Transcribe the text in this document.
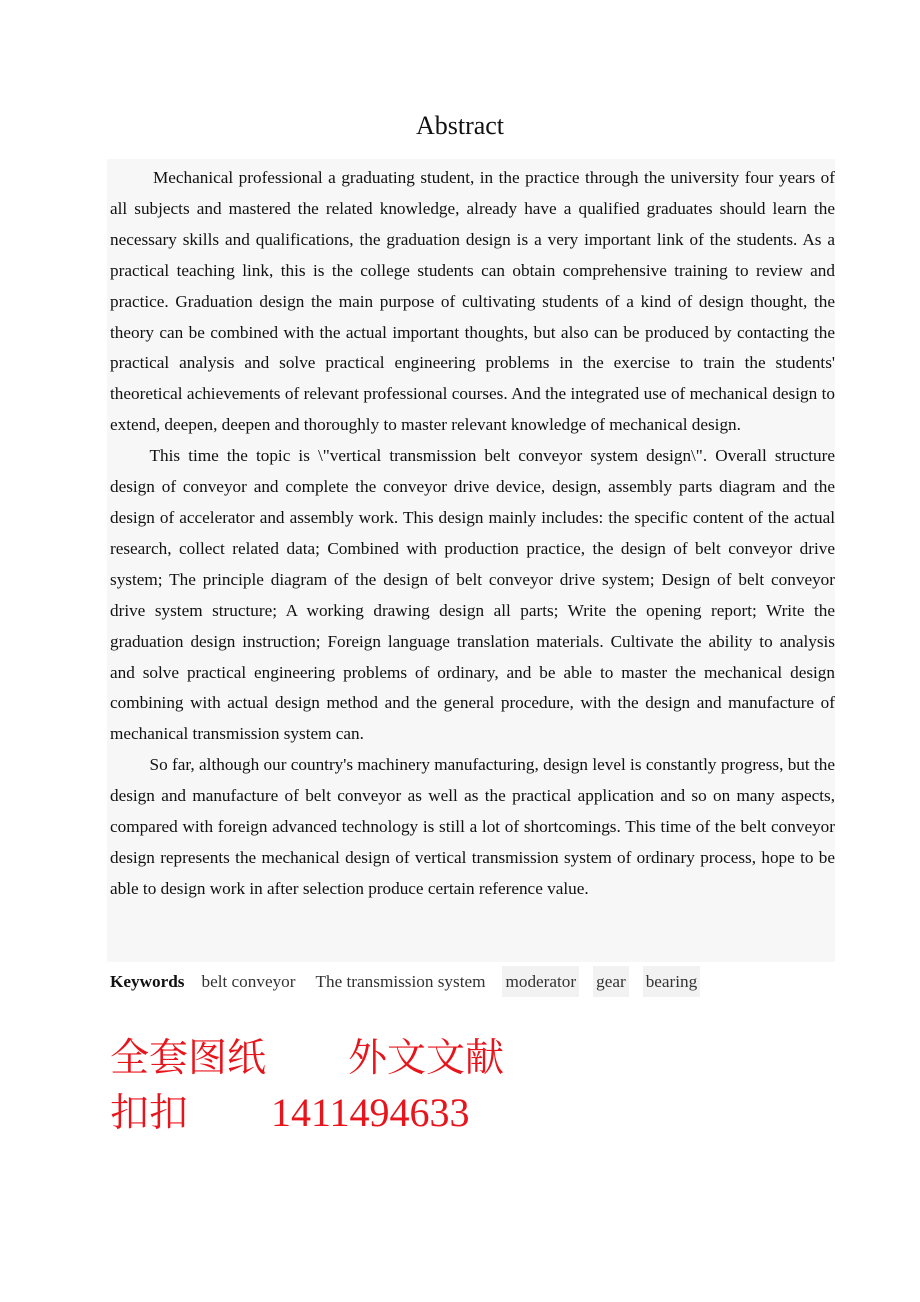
Abstract

Mechanical professional a graduating student, in the practice through the university four years of all subjects and mastered the related knowledge, already have a qualified graduates should learn the necessary skills and qualifications, the graduation design is a very important link of the students. As a practical teaching link, this is the college students can obtain comprehensive training to review and practice. Graduation design the main purpose of cultivating students of a kind of design thought, the theory can be combined with the actual important thoughts, but also can be produced by contacting the practical analysis and solve practical engineering problems in the exercise to train the students' theoretical achievements of relevant professional courses. And the integrated use of mechanical design to extend, deepen, deepen and thoroughly to master relevant knowledge of mechanical design.

This time the topic is \"vertical transmission belt conveyor system design\". Overall structure design of conveyor and complete the conveyor drive device, design, assembly parts diagram and the design of accelerator and assembly work. This design mainly includes: the specific content of the actual research, collect related data; Combined with production practice, the design of belt conveyor drive system; The principle diagram of the design of belt conveyor drive system; Design of belt conveyor drive system structure; A working drawing design all parts; Write the opening report; Write the graduation design instruction; Foreign language translation materials. Cultivate the ability to analysis and solve practical engineering problems of ordinary, and be able to master the mechanical design combining with actual design method and the general procedure, with the design and manufacture of mechanical transmission system can.

So far, although our country's machinery manufacturing, design level is constantly progress, but the design and manufacture of belt conveyor as well as the practical application and so on many aspects, compared with foreign advanced technology is still a lot of shortcomings. This time of the belt conveyor design represents the mechanical design of vertical transmission system of ordinary process, hope to be able to design work in after selection produce certain reference value.

Keywords belt conveyor The transmission system moderator gear bearing
全套图纸 外文文献
扣扣 1411494633
